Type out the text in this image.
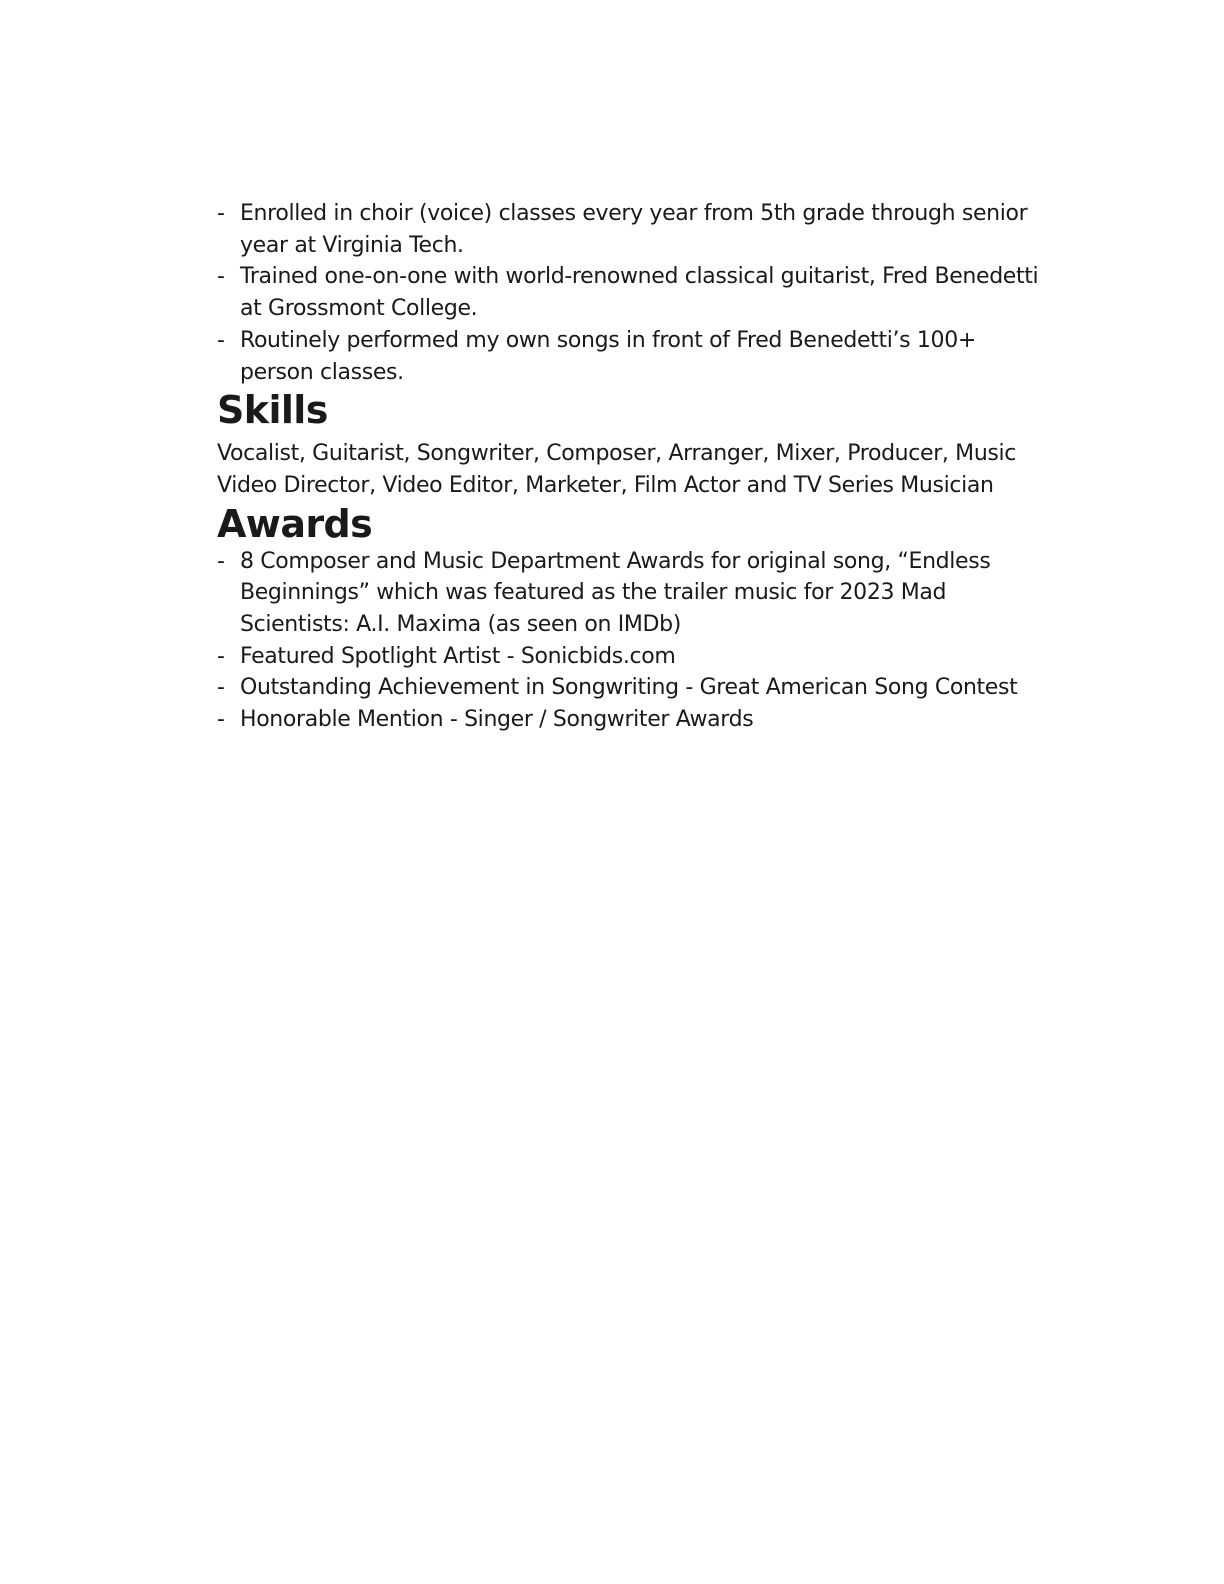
- Enrolled in choir (voice) classes every year from 5th grade through senior year at Virginia Tech.
- Trained one-on-one with world-renowned classical guitarist, Fred Benedetti at Grossmont College.
- Routinely performed my own songs in front of Fred Benedetti’s 100+ person classes.
Skills

Vocalist, Guitarist, Songwriter, Composer, Arranger, Mixer, Producer, Music Video Director, Video Editor, Marketer, Film Actor and TV Series Musician

Awards
- 8 Composer and Music Department Awards for original song, “Endless Beginnings” which was featured as the trailer music for 2023 Mad Scientists: A.I. Maxima (as seen on IMDb)
- Featured Spotlight Artist - Sonicbids.com
- Outstanding Achievement in Songwriting - Great American Song Contest
- Honorable Mention - Singer / Songwriter Awards
